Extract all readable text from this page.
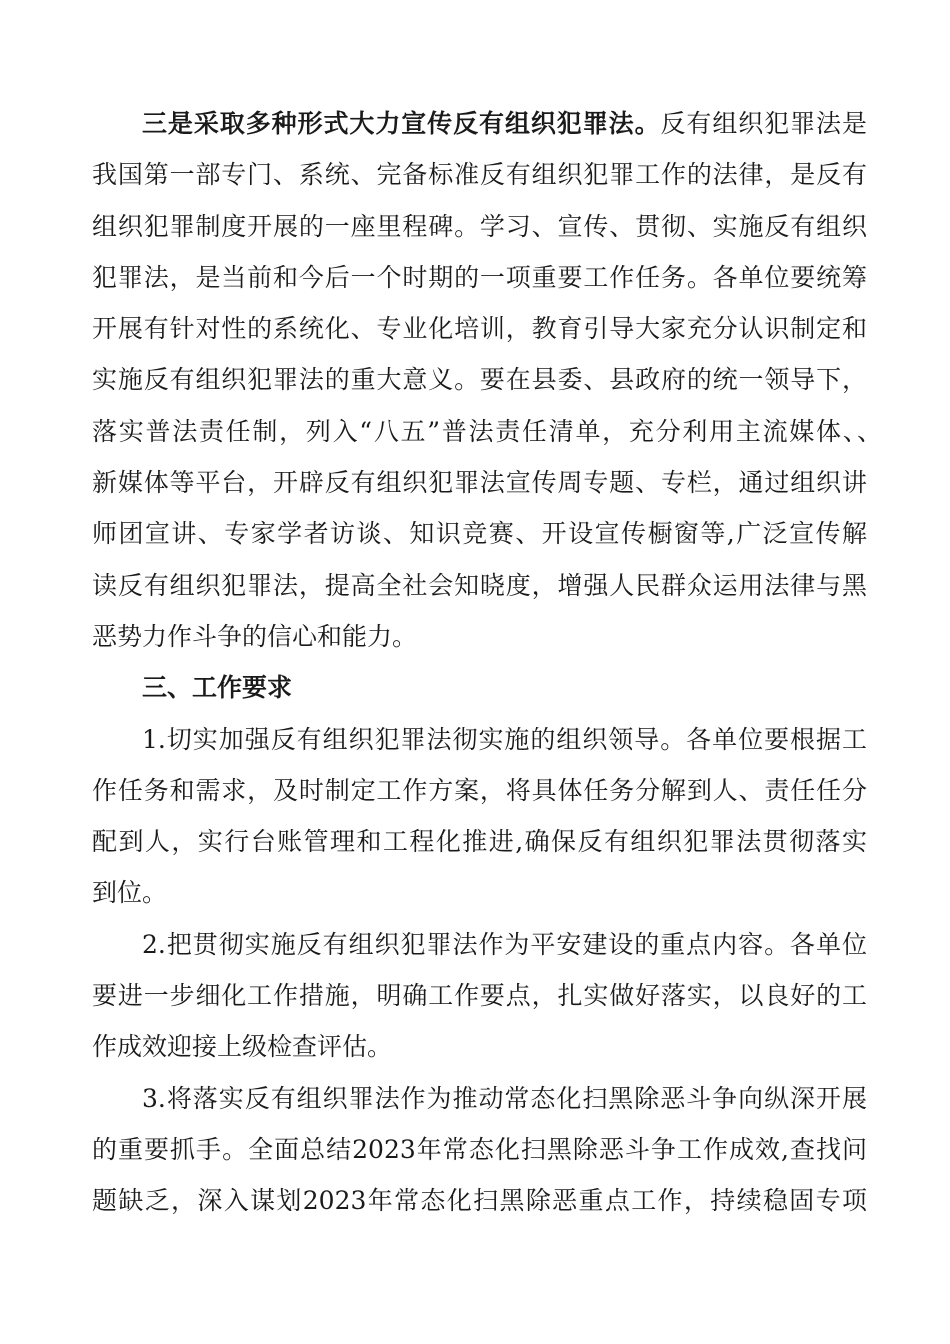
三是采取多种形式大力宣传反有组织犯罪法。反有组织犯罪法是
我国第一部专门、系统、完备标准反有组织犯罪工作的法律，是反有
组织犯罪制度开展的一座里程碑。学习、宣传、贯彻、实施反有组织
犯罪法，是当前和今后一个时期的一项重要工作任务。各单位要统筹
开展有针对性的系统化、专业化培训，教育引导大家充分认识制定和
实施反有组织犯罪法的重大意义。要在县委、县政府的统一领导下，
落实普法责任制，列入“八五”普法责任清单，充分利用主流媒体、、
新媒体等平台，开辟反有组织犯罪法宣传周专题、专栏，通过组织讲
师团宣讲、专家学者访谈、知识竞赛、开设宣传橱窗等,广泛宣传解
读反有组织犯罪法，提高全社会知晓度，增强人民群众运用法律与黑
恶势力作斗争的信心和能力。
三、工作要求
1.切实加强反有组织犯罪法彻实施的组织领导。各单位要根据工
作任务和需求，及时制定工作方案，将具体任务分解到人、责任任分
配到人，实行台账管理和工程化推进,确保反有组织犯罪法贯彻落实
到位。
2.把贯彻实施反有组织犯罪法作为平安建设的重点内容。各单位
要进一步细化工作措施，明确工作要点，扎实做好落实，以良好的工
作成效迎接上级检查评估。
3.将落实反有组织罪法作为推动常态化扫黑除恶斗争向纵深开展
的重要抓手。全面总结2023年常态化扫黑除恶斗争工作成效,查找问
题缺乏，深入谋划2023年常态化扫黑除恶重点工作，持续稳固专项
